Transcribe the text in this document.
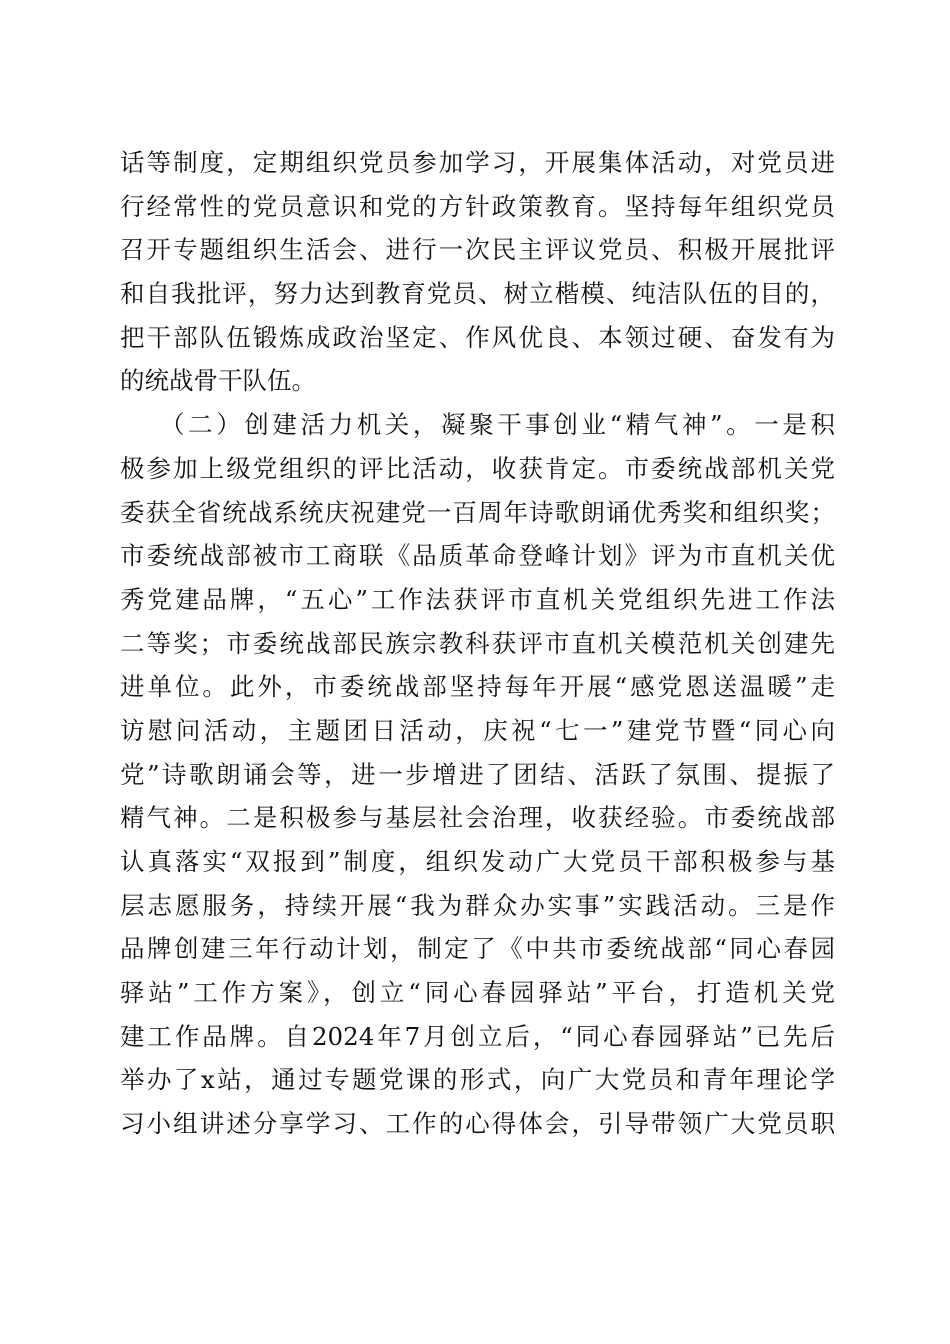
话等制度，定期组织党员参加学习，开展集体活动，对党员进
行经常性的党员意识和党的方针政策教育。坚持每年组织党员
召开专题组织生活会、进行一次民主评议党员、积极开展批评
和自我批评，努力达到教育党员、树立楷模、纯洁队伍的目的，
把干部队伍锻炼成政治坚定、作风优良、本领过硬、奋发有为
的统战骨干队伍。
（二）创建活力机关，凝聚干事创业“精气神”。一是积
极参加上级党组织的评比活动，收获肯定。市委统战部机关党
委获全省统战系统庆祝建党一百周年诗歌朗诵优秀奖和组织奖；
市委统战部被市工商联《品质革命登峰计划》评为市直机关优
秀党建品牌，“五心”工作法获评市直机关党组织先进工作法
二等奖；市委统战部民族宗教科获评市直机关模范机关创建先
进单位。此外，市委统战部坚持每年开展“感党恩送温暖”走
访慰问活动，主题团日活动，庆祝“七一”建党节暨“同心向
党”诗歌朗诵会等，进一步增进了团结、活跃了氛围、提振了
精气神。二是积极参与基层社会治理，收获经验。市委统战部
认真落实“双报到”制度，组织发动广大党员干部积极参与基
层志愿服务，持续开展“我为群众办实事”实践活动。三是作
品牌创建三年行动计划，制定了《中共市委统战部“同心春园
驿站”工作方案》，创立“同心春园驿站”平台，打造机关党
建工作品牌。自2024年7月创立后，“同心春园驿站”已先后
举办了x站，通过专题党课的形式，向广大党员和青年理论学
习小组讲述分享学习、工作的心得体会，引导带领广大党员职
